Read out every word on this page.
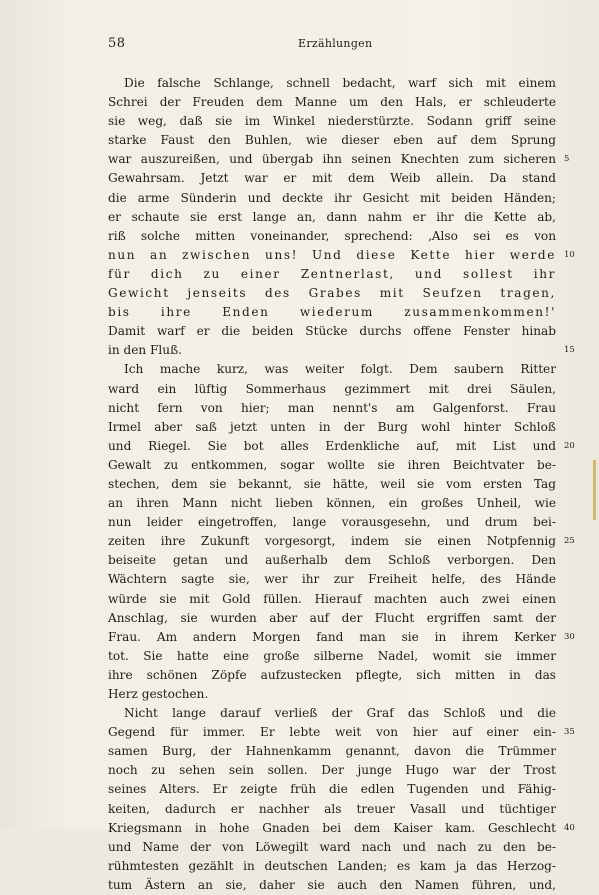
58	Erzählungen
Die falsche Schlange, schnell bedacht, warf sich mit einem
Schrei der Freuden dem Manne um den Hals, er schleuderte
sie weg, daß sie im Winkel niederstürzte. Sodann griff seine
starke Faust den Buhlen, wie dieser eben auf dem Sprung
war auszureißen, und übergab ihn seinen Knechten zum sicheren 5
Gewahrsam. Jetzt war er mit dem Weib allein. Da stand
die arme Sünderin und deckte ihr Gesicht mit beiden Händen;
er schaute sie erst lange an, dann nahm er ihr die Kette ab,
riß solche mitten voneinander, sprechend: ‚Also sei es von
nun an zwischen uns! Und diese Kette hier werde 10
für dich zu einer Zentnerlast, und sollest ihr
Gewicht jenseits des Grabes mit Seufzen tragen,
bis ihre Enden wiederum zusammenkommen!'
Damit warf er die beiden Stücke durchs offene Fenster hinab
in den Fluß.	15
Ich mache kurz, was weiter folgt. Dem saubern Ritter
ward ein lüftig Sommerhaus gezimmert mit drei Säulen,
nicht fern von hier; man nennt's am Galgenforst. Frau
Irmel aber saß jetzt unten in der Burg wohl hinter Schloß
und Riegel. Sie bot alles Erdenkliche auf, mit List und 20
Gewalt zu entkommen, sogar wollte sie ihren Beichtvater be-
stechen, dem sie bekannt, sie hätte, weil sie vom ersten Tag
an ihren Mann nicht lieben können, ein großes Unheil, wie
nun leider eingetroffen, lange vorausgesehn, und drum bei-
zeiten ihre Zukunft vorgesorgt, indem sie einen Notpfennig 25
beiseite getan und außerhalb dem Schloß verborgen. Den
Wächtern sagte sie, wer ihr zur Freiheit helfe, des Hände
würde sie mit Gold füllen. Hierauf machten auch zwei einen
Anschlag, sie wurden aber auf der Flucht ergriffen samt der
Frau. Am andern Morgen fand man sie in ihrem Kerker 30
tot. Sie hatte eine große silberne Nadel, womit sie immer
ihre schönen Zöpfe aufzustecken pflegte, sich mitten in das
Herz gestochen.
Nicht lange darauf verließ der Graf das Schloß und die
Gegend für immer. Er lebte weit von hier auf einer ein- 35
samen Burg, der Hahnenkamm genannt, davon die Trümmer
noch zu sehen sein sollen. Der junge Hugo war der Trost
seines Alters. Er zeigte früh die edlen Tugenden und Fähig-
keiten, dadurch er nachher als treuer Vasall und tüchtiger
Kriegsmann in hohe Gnaden bei dem Kaiser kam. Geschlecht 40
und Name der von Löwegilt ward nach und nach zu den be-
rühmtesten gezählt in deutschen Landen; es kam ja das Herzog-
tum Ästern an sie, daher sie auch den Namen führen, und,
